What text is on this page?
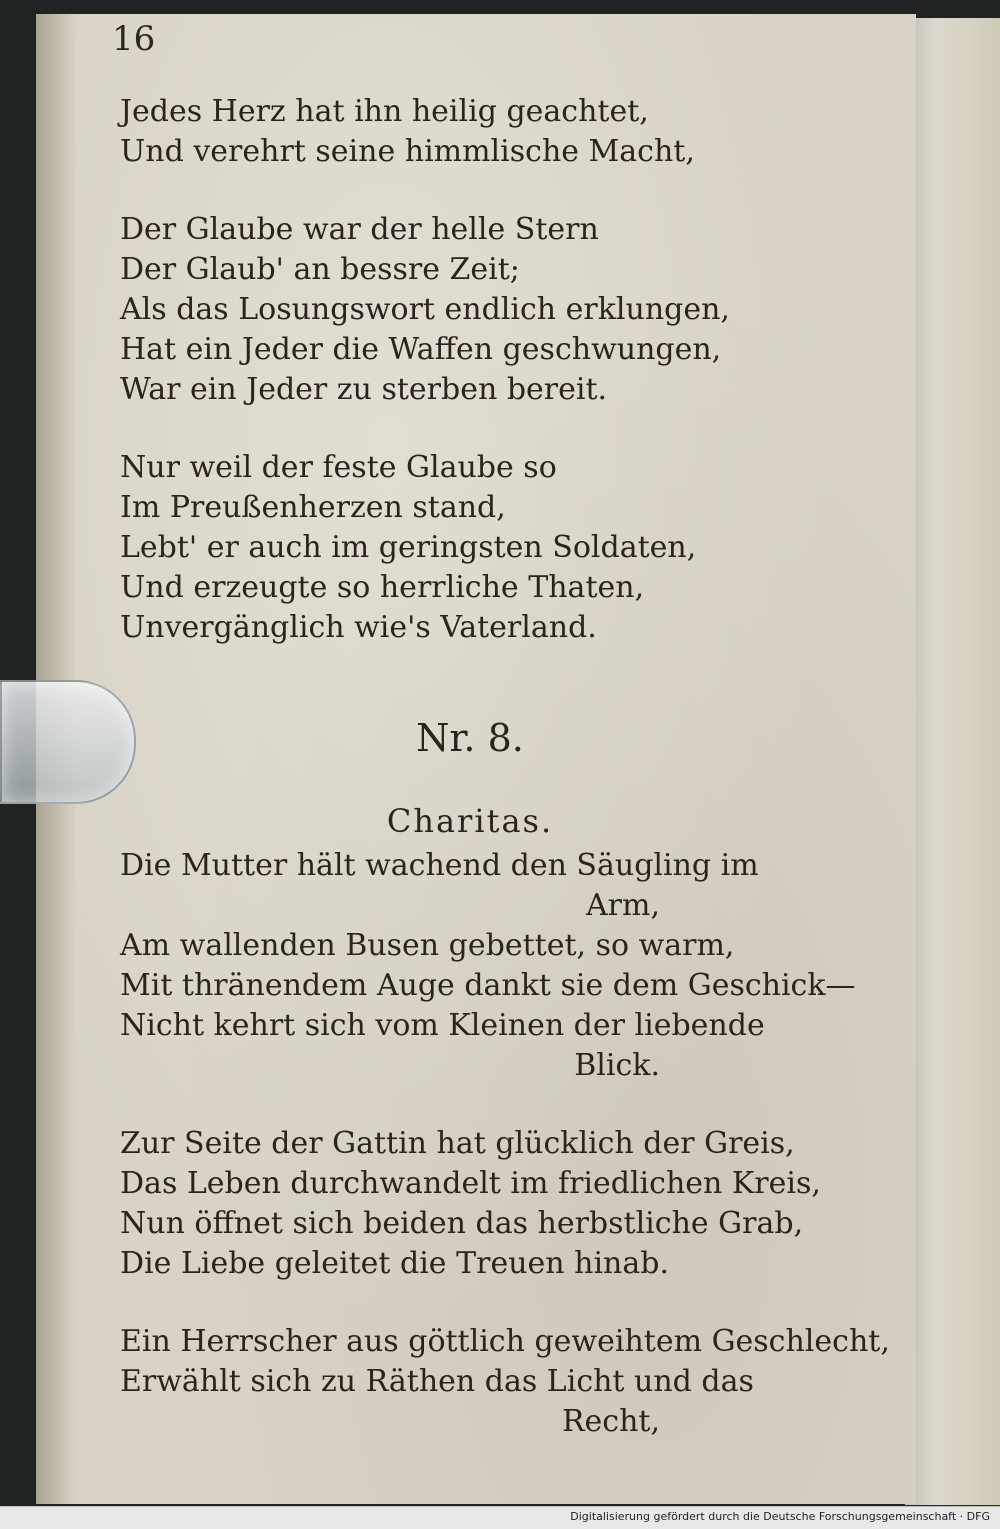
16

Jedes Herz hat ihn heilig geachtet,
Und verehrt seine himmlische Macht,
Der Glaube war der helle Stern
Der Glaub' an bessre Zeit;
Als das Losungswort endlich erklungen,
Hat ein Jeder die Waffen geschwungen,
War ein Jeder zu sterben bereit.
Nur weil der feste Glaube so
Im Preußenherzen stand,
Lebt' er auch im geringsten Soldaten,
Und erzeugte so herrliche Thaten,
Unvergänglich wie's Vaterland.

Nr. 8.

Charitas.

Die Mutter hält wachend den Säugling im
Arm,
Am wallenden Busen gebettet, so warm,
Mit thränendem Auge dankt sie dem Geschick—
Nicht kehrt sich vom Kleinen der liebende
Blick.
Zur Seite der Gattin hat glücklich der Greis,
Das Leben durchwandelt im friedlichen Kreis,
Nun öffnet sich beiden das herbstliche Grab,
Die Liebe geleitet die Treuen hinab.
Ein Herrscher aus göttlich geweihtem Geschlecht,
Erwählt sich zu Räthen das Licht und das
Recht,
Digitalisierung gefördert durch die Deutsche Forschungsgemeinschaft · DFG
